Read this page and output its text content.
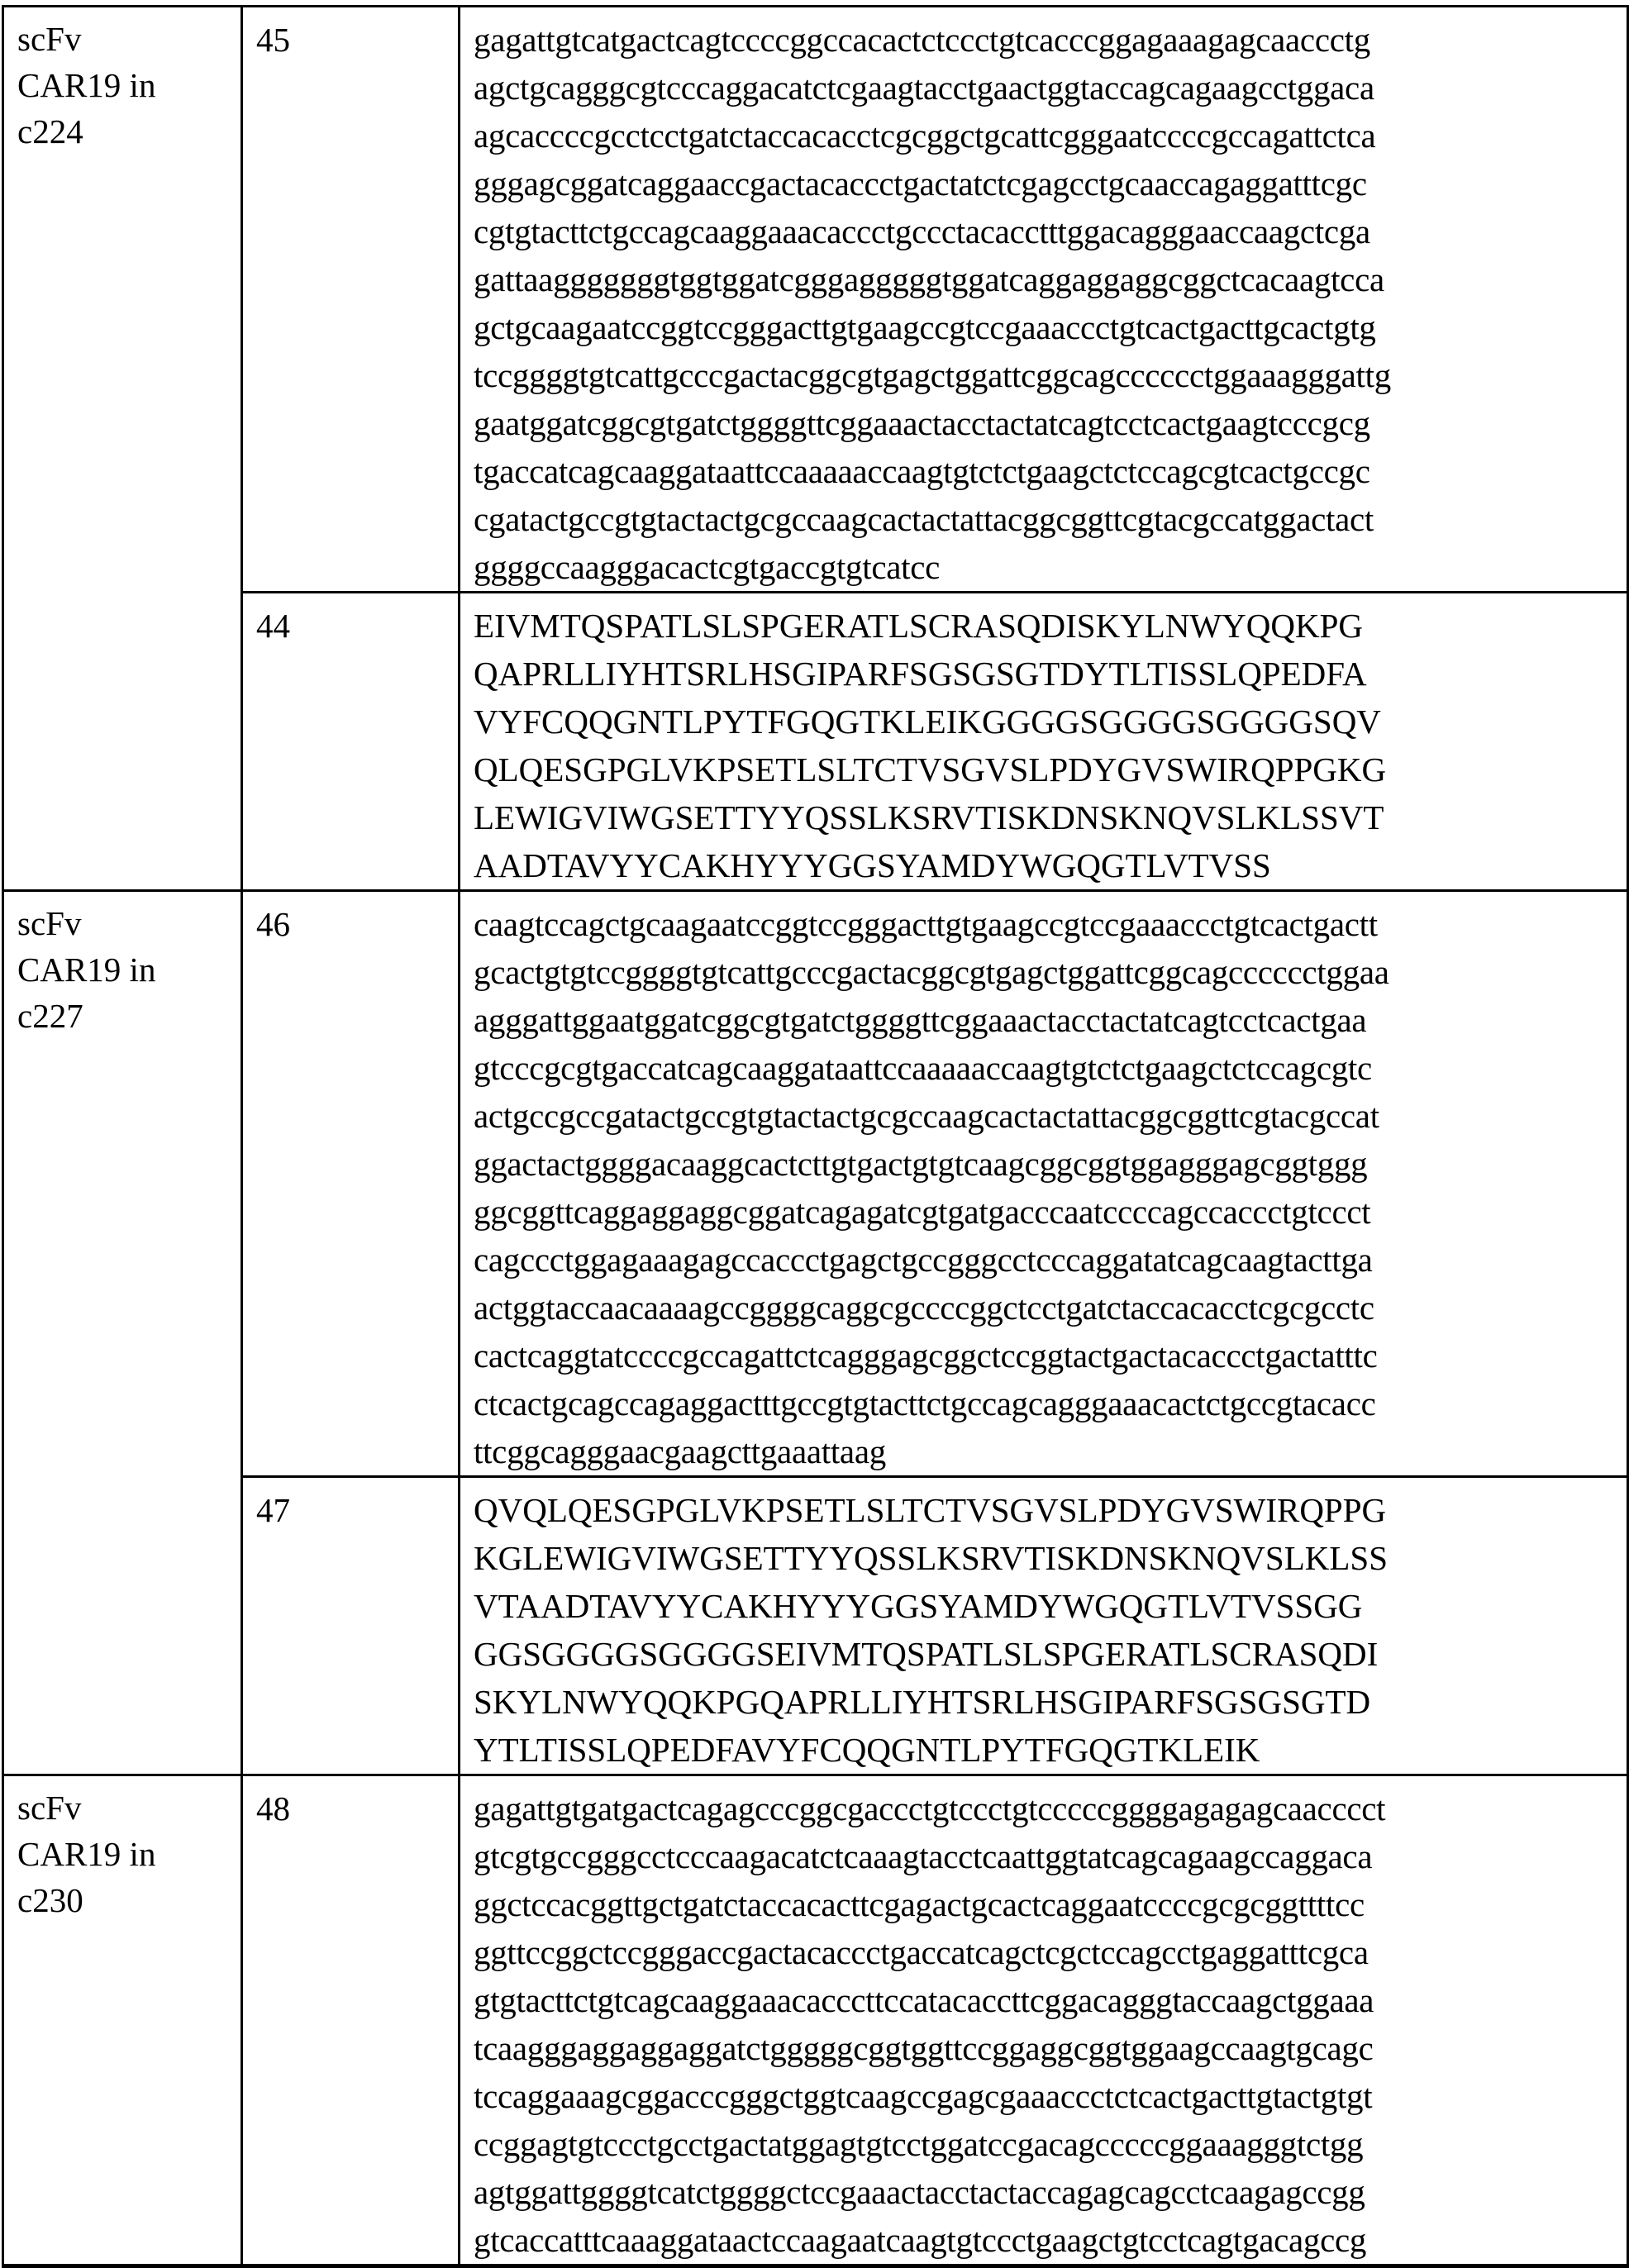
scFv
CAR19 in
c224
	45	gagattgtcatgactcagtccccggccacactctccctgtcacccggagaaagagcaaccctg
agctgcagggcgtcccaggacatctcgaagtacctgaactggtaccagcagaagcctggaca
agcaccccgcctcctgatctaccacacctcgcggctgcattcgggaatccccgccagattctca
gggagcggatcaggaaccgactacaccctgactatctcgagcctgcaaccagaggatttcgc
cgtgtacttctgccagcaaggaaacaccctgccctacacctttggacagggaaccaagctcga
gattaagggggggtggtggatcgggagggggtggatcaggaggaggcggctcacaagtcca
gctgcaagaatccggtccgggacttgtgaagccgtccgaaaccctgtcactgacttgcactgtg
tccggggtgtcattgcccgactacggcgtgagctggattcggcagcccccctggaaagggattg
gaatggatcggcgtgatctggggttcggaaactacctactatcagtcctcactgaagtcccgcg
tgaccatcagcaaggataattccaaaaaccaagtgtctctgaagctctccagcgtcactgccgc
cgatactgccgtgtactactgcgccaagcactactattacggcggttcgtacgccatggactact
ggggccaagggacactcgtgaccgtgtcatcc

44	EIVMTQSPATLSLSPGERATLSCRASQDISKYLNWYQQKPG
QAPRLLIYHTSRLHSGIPARFSGSGSGTDYTLTISSLQPEDFA
VYFCQQGNTLPYTFGQGTKLEIKGGGGSGGGGSGGGGSQV
QLQESGPGLVKPSETLSLTCTVSGVSLPDYGVSWIRQPPGKG
LEWIGVIWGSETTYYQSSLKSRVTISKDNSKNQVSLKLSSVT
AADTAVYYCAKHYYYGGSYAMDYWGQGTLVTVSS

scFv
CAR19 in
c227
	46	caagtccagctgcaagaatccggtccgggacttgtgaagccgtccgaaaccctgtcactgactt
gcactgtgtccggggtgtcattgcccgactacggcgtgagctggattcggcagcccccctggaa
agggattggaatggatcggcgtgatctggggttcggaaactacctactatcagtcctcactgaa
gtcccgcgtgaccatcagcaaggataattccaaaaaccaagtgtctctgaagctctccagcgtc
actgccgccgatactgccgtgtactactgcgccaagcactactattacggcggttcgtacgccat
ggactactggggacaaggcactcttgtgactgtgtcaagcggcggtggagggagcggtggg
ggcggttcaggaggaggcggatcagagatcgtgatgacccaatccccagccaccctgtccct
cagccctggagaaagagccaccctgagctgccgggcctcccaggatatcagcaagtacttga
actggtaccaacaaaagccggggcaggcgccccggctcctgatctaccacacctcgcgcctc
cactcaggtatccccgccagattctcagggagcggctccggtactgactacaccctgactatttc
ctcactgcagccagaggactttgccgtgtacttctgccagcagggaaacactctgccgtacacc
ttcggcagggaacgaagcttgaaattaag

47	QVQLQESGPGLVKPSETLSLTCTVSGVSLPDYGVSWIRQPPG
KGLEWIGVIWGSETTYYQSSLKSRVTISKDNSKNQVSLKLSS
VTAADTAVYYCAKHYYYGGSYAMDYWGQGTLVTVSSGG
GGSGGGGSGGGGSEIVMTQSPATLSLSPGERATLSCRASQDI
SKYLNWYQQKPGQAPRLLIYHTSRLHSGIPARFSGSGSGTD
YTLTISSLQPEDFAVYFCQQGNTLPYTFGQGTKLEIK

scFv
CAR19 in
c230
	48	gagattgtgatgactcagagcccggcgaccctgtccctgtcccccggggagagagcaacccct
gtcgtgccgggcctcccaagacatctcaaagtacctcaattggtatcagcagaagccaggaca
ggctccacggttgctgatctaccacacttcgagactgcactcaggaatccccgcgcggttttcc
ggttccggctccgggaccgactacaccctgaccatcagctcgctccagcctgaggatttcgca
gtgtacttctgtcagcaaggaaacacccttccatacaccttcggacagggtaccaagctggaaa
tcaagggaggaggaggatctgggggcggtggttccggaggcggtggaagccaagtgcagc
tccaggaaagcggacccgggctggtcaagccgagcgaaaccctctcactgacttgtactgtgt
ccggagtgtccctgcctgactatggagtgtcctggatccgacagcccccggaaagggtctgg
agtggattggggtcatctggggctccgaaactacctactaccagagcagcctcaagagccgg
gtcaccatttcaaaggataactccaagaatcaagtgtccctgaagctgtcctcagtgacagccg
